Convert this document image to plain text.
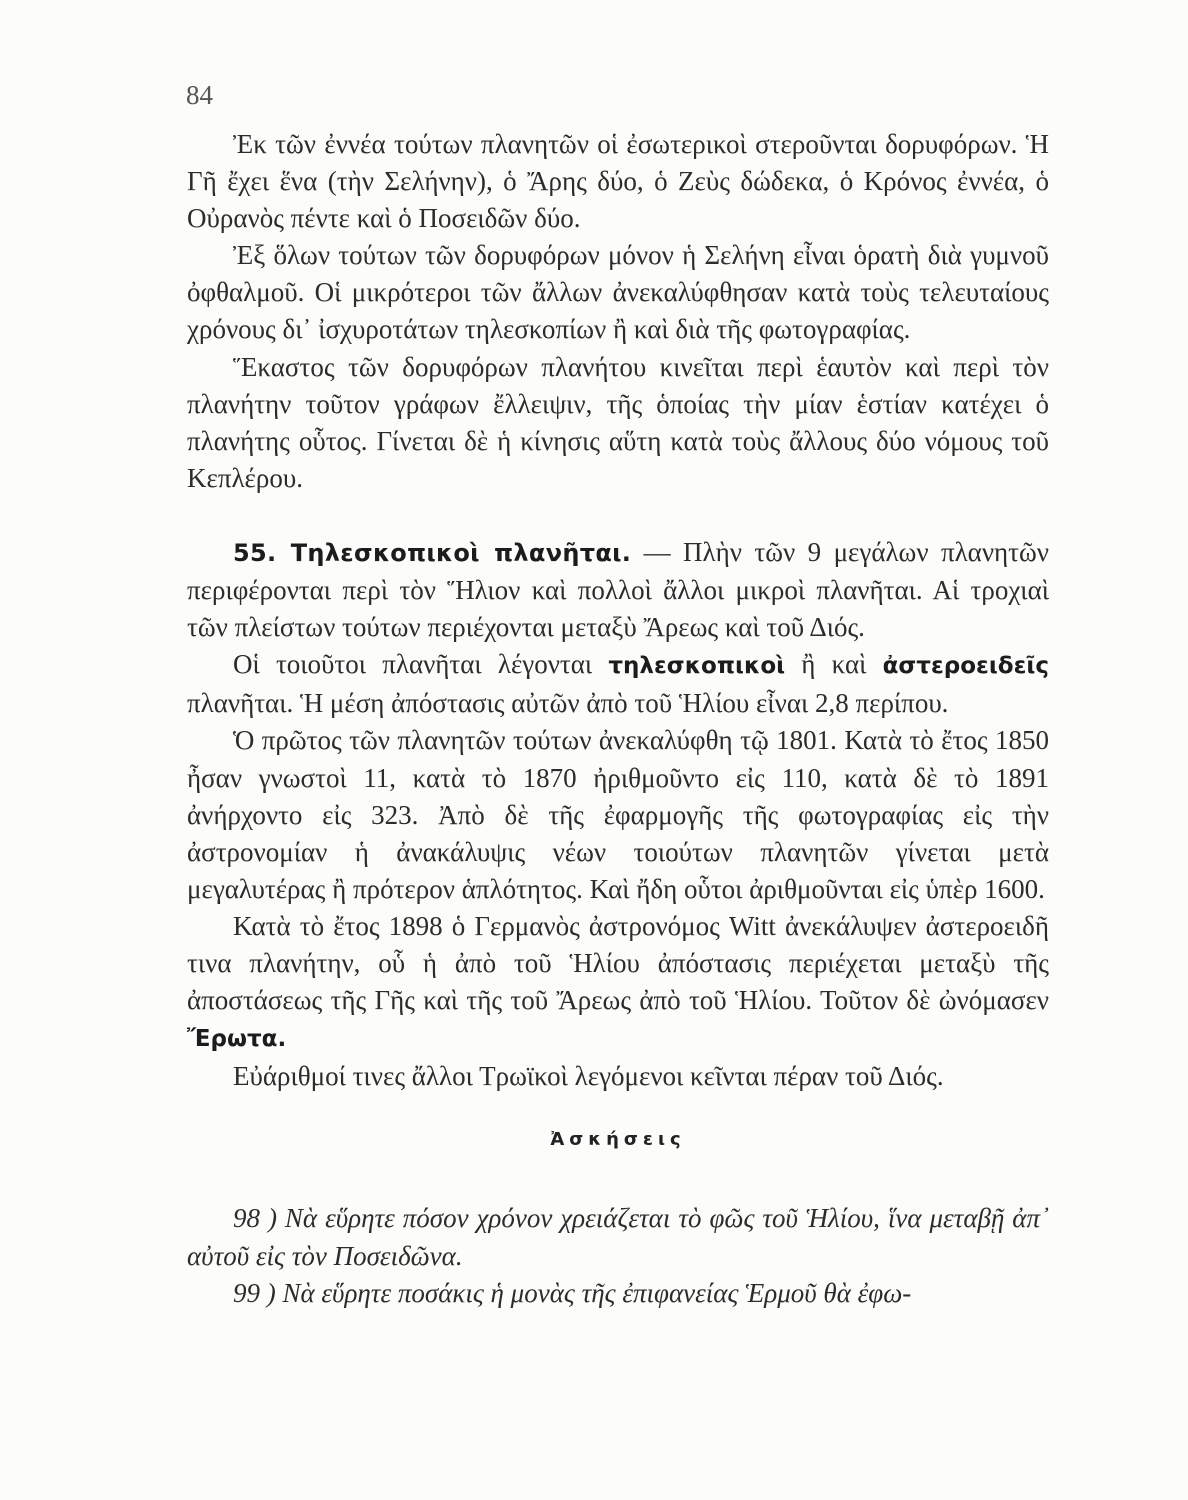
84

Ἐκ τῶν ἐννέα τούτων πλανητῶν οἱ ἐσωτερικοὶ στεροῦνται δορυφόρων. Ἡ Γῆ ἔχει ἕνα (τὴν Σελήνην), ὁ Ἄρης δύο, ὁ Ζεὺς δώδεκα, ὁ Κρόνος ἐννέα, ὁ Οὐρανὸς πέντε καὶ ὁ Ποσειδῶν δύο.

Ἐξ ὅλων τούτων τῶν δορυφόρων μόνον ἡ Σελήνη εἶναι ὁρατὴ διὰ γυμνοῦ ὀφθαλμοῦ. Οἱ μικρότεροι τῶν ἄλλων ἀνεκαλύφθησαν κατὰ τοὺς τελευταίους χρόνους δι᾽ ἰσχυροτάτων τηλεσκοπίων ἢ καὶ διὰ τῆς φωτογραφίας.

Ἕκαστος τῶν δορυφόρων πλανήτου κινεῖται περὶ ἑαυτὸν καὶ περὶ τὸν πλανήτην τοῦτον γράφων ἔλλειψιν, τῆς ὁποίας τὴν μίαν ἑστίαν κατέχει ὁ πλανήτης οὗτος. Γίνεται δὲ ἡ κίνησις αὕτη κατὰ τοὺς ἄλλους δύο νόμους τοῦ Κεπλέρου.

55. Τηλεσκοπικοὶ πλανῆται. — Πλὴν τῶν 9 μεγάλων πλανητῶν περιφέρονται περὶ τὸν Ἥλιον καὶ πολλοὶ ἄλλοι μικροὶ πλανῆται. Αἱ τροχιαὶ τῶν πλείστων τούτων περιέχονται μεταξὺ Ἄρεως καὶ τοῦ Διός.

Οἱ τοιοῦτοι πλανῆται λέγονται τηλεσκοπικοὶ ἢ καὶ ἀστεροειδεῖς πλανῆται. Ἡ μέση ἀπόστασις αὐτῶν ἀπὸ τοῦ Ἡλίου εἶναι 2,8 περίπου.

Ὁ πρῶτος τῶν πλανητῶν τούτων ἀνεκαλύφθη τῷ 1801. Κατὰ τὸ ἔτος 1850 ἦσαν γνωστοὶ 11, κατὰ τὸ 1870 ἠριθμοῦντο εἰς 110, κατὰ δὲ τὸ 1891 ἀνήρχοντο εἰς 323. Ἀπὸ δὲ τῆς ἐφαρμογῆς τῆς φωτογραφίας εἰς τὴν ἀστρονομίαν ἡ ἀνακάλυψις νέων τοιούτων πλανητῶν γίνεται μετὰ μεγαλυτέρας ἢ πρότερον ἁπλότητος. Καὶ ἤδη οὗτοι ἀριθμοῦνται εἰς ὑπὲρ 1600.

Κατὰ τὸ ἔτος 1898 ὁ Γερμανὸς ἀστρονόμος Witt ἀνεκάλυψεν ἀστεροειδῆ τινα πλανήτην, οὗ ἡ ἀπὸ τοῦ Ἡλίου ἀπόστασις περιέχεται μεταξὺ τῆς ἀποστάσεως τῆς Γῆς καὶ τῆς τοῦ Ἄρεως ἀπὸ τοῦ Ἡλίου. Τοῦτον δὲ ὠνόμασεν Ἔρωτα.

Εὐάριθμοί τινες ἄλλοι Τρωϊκοὶ λεγόμενοι κεῖνται πέραν τοῦ Διός.

Ἀσκήσεις

98 ) Νὰ εὕρητε πόσον χρόνον χρειάζεται τὸ φῶς τοῦ Ἡλίου, ἵνα μεταβῇ ἀπ᾽ αὐτοῦ εἰς τὸν Ποσειδῶνα.

99 ) Νὰ εὕρητε ποσάκις ἡ μονὰς τῆς ἐπιφανείας Ἑρμοῦ θὰ ἐφω-
